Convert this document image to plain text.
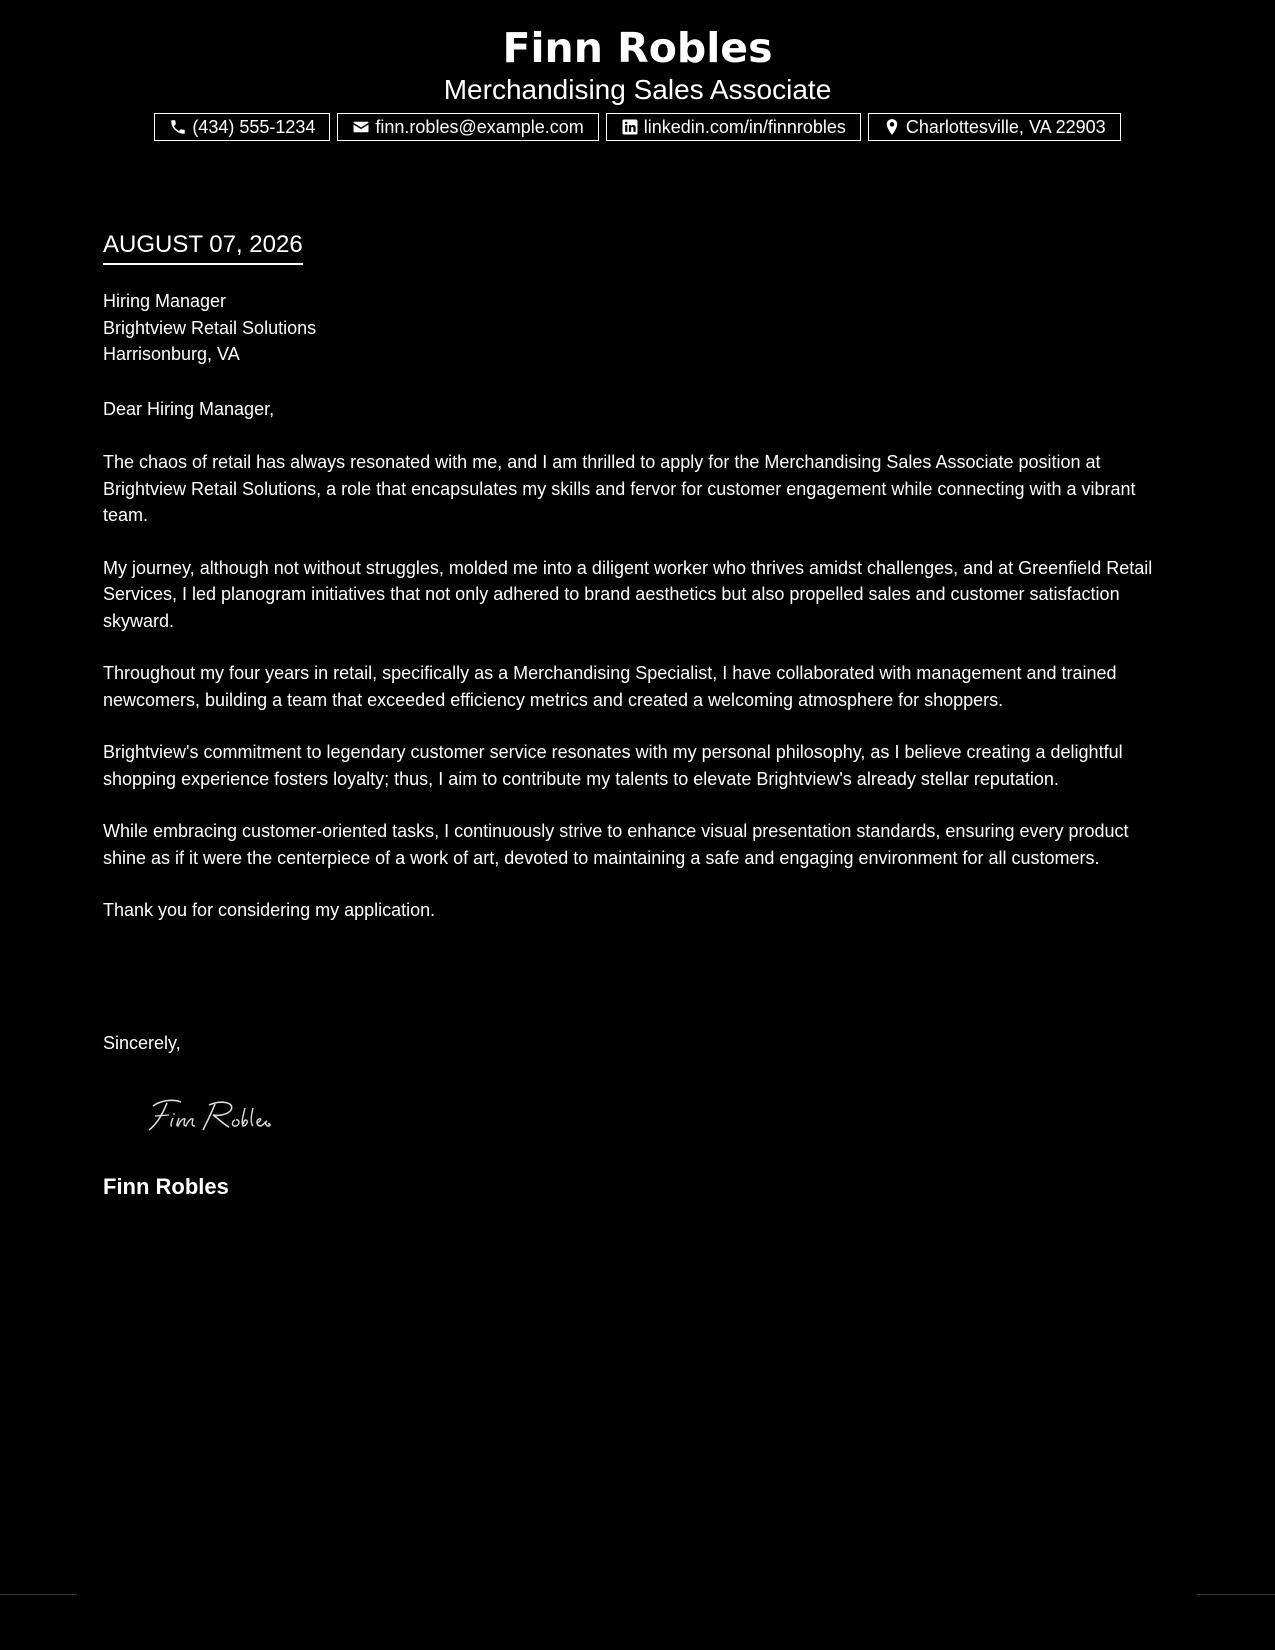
Finn Robles
Merchandising Sales Associate
(434) 555-1234	finn.robles@example.com	linkedin.com/in/finnrobles	Charlottesville, VA 22903
AUGUST 07, 2026
Hiring Manager
Brightview Retail Solutions
Harrisonburg, VA
Dear Hiring Manager,

The chaos of retail has always resonated with me, and I am thrilled to apply for the Merchandising Sales Associate position at Brightview Retail Solutions, a role that encapsulates my skills and fervor for customer engagement while connecting with a vibrant team.

My journey, although not without struggles, molded me into a diligent worker who thrives amidst challenges, and at Greenfield Retail Services, I led planogram initiatives that not only adhered to brand aesthetics but also propelled sales and customer satisfaction skyward.

Throughout my four years in retail, specifically as a Merchandising Specialist, I have collaborated with management and trained newcomers, building a team that exceeded efficiency metrics and created a welcoming atmosphere for shoppers.

Brightview's commitment to legendary customer service resonates with my personal philosophy, as I believe creating a delightful shopping experience fosters loyalty; thus, I aim to contribute my talents to elevate Brightview's already stellar reputation.

While embracing customer-oriented tasks, I continuously strive to enhance visual presentation standards, ensuring every product shine as if it were the centerpiece of a work of art, devoted to maintaining a safe and engaging environment for all customers.

Thank you for considering my application.

Sincerely,
Finn Robles
